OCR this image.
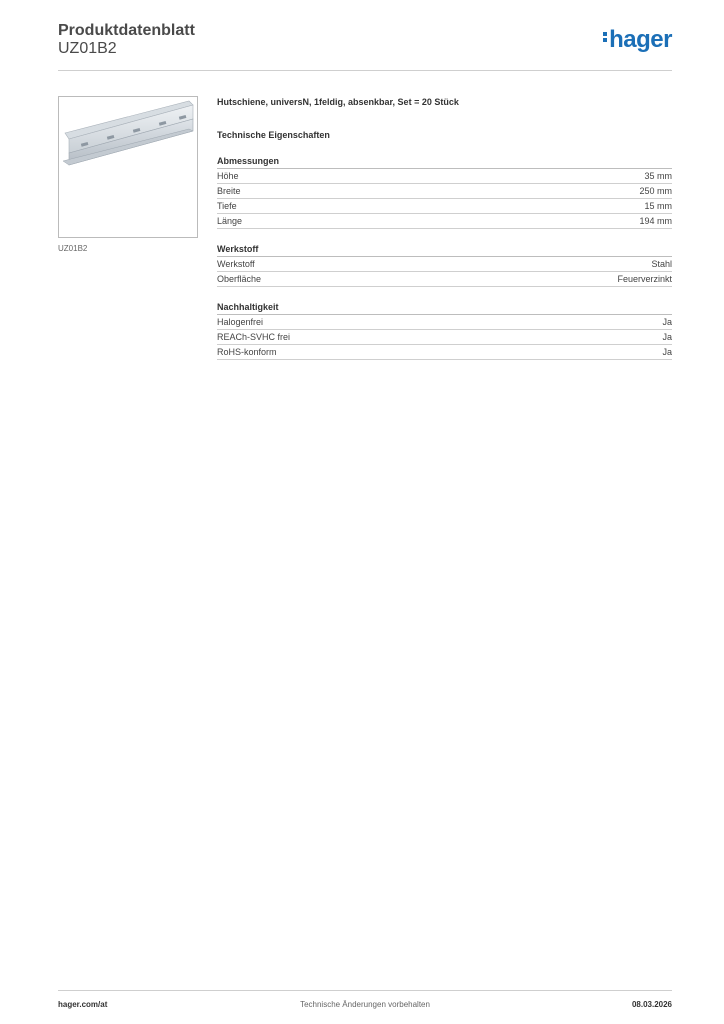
Produktdatenblatt
UZ01B2	hager
UZ01B2
Hutschiene, universN, 1feldig, absenkbar, Set = 20 Stück
Technische Eigenschaften
Abmessungen
Höhe	35 mm
Breite	250 mm
Tiefe	15 mm
Länge	194 mm
Werkstoff
Werkstoff	Stahl
Oberfläche	Feuerverzinkt
Nachhaltigkeit
Halogenfrei	Ja
REACh-SVHC frei	Ja
RoHS-konform	Ja
hager.com/at	Technische Änderungen vorbehalten	08.03.2026
